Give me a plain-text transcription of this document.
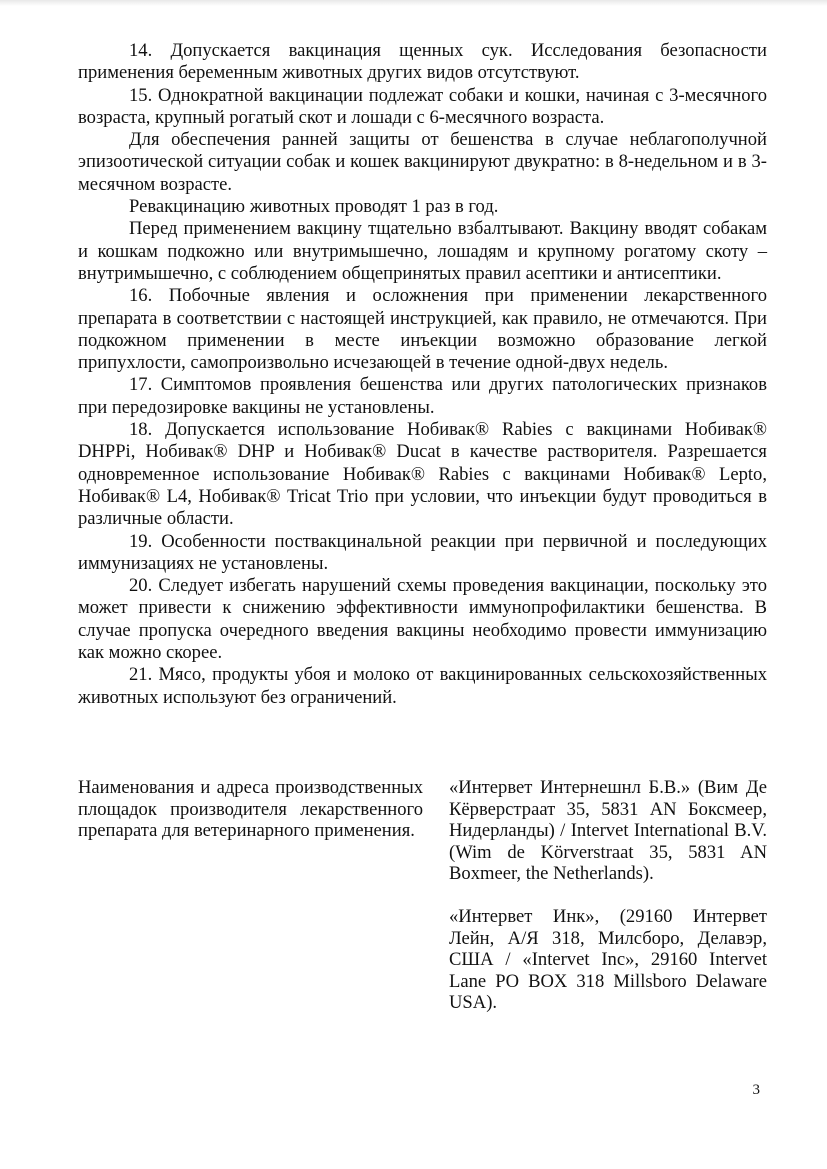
14. Допускается вакцинация щенных сук. Исследования безопасности применения беременным животных других видов отсутствуют.

15. Однократной вакцинации подлежат собаки и кошки, начиная с 3-месячного возраста, крупный рогатый скот и лошади с 6-месячного возраста.

Для обеспечения ранней защиты от бешенства в случае неблагополучной эпизоотической ситуации собак и кошек вакцинируют двукратно: в 8-недельном и в 3-месячном возрасте.

Ревакцинацию животных проводят 1 раз в год.

Перед применением вакцину тщательно взбалтывают. Вакцину вводят собакам и кошкам подкожно или внутримышечно, лошадям и крупному рогатому скоту – внутримышечно, с соблюдением общепринятых правил асептики и антисептики.

16. Побочные явления и осложнения при применении лекарственного препарата в соответствии с настоящей инструкцией, как правило, не отмечаются. При подкожном применении в месте инъекции возможно образование легкой припухлости, самопроизвольно исчезающей в течение одной-двух недель.

17. Симптомов проявления бешенства или других патологических признаков при передозировке вакцины не установлены.

18. Допускается использование Нобивак® Rabies с вакцинами Нобивак® DHPPi, Нобивак® DHP и Нобивак® Ducat в качестве растворителя. Разрешается одновременное использование Нобивак® Rabies с вакцинами Нобивак® Lepto, Нобивак® L4, Нобивак® Tricat Trio при условии, что инъекции будут проводиться в различные области.

19. Особенности поствакцинальной реакции при первичной и последующих иммунизациях не установлены.

20. Следует избегать нарушений схемы проведения вакцинации, поскольку это может привести к снижению эффективности иммунопрофилактики бешенства. В случае пропуска очередного введения вакцины необходимо провести иммунизацию как можно скорее.

21. Мясо, продукты убоя и молоко от вакцинированных сельскохозяйственных животных используют без ограничений.

Наименования и адреса производственных площадок производителя лекарственного препарата для ветеринарного применения.

«Интервет Интернешнл Б.В.» (Вим Де Кёрверстраат 35, 5831 AN Боксмеер, Нидерланды) / Intervet International B.V. (Wim de Körverstraat 35, 5831 AN Boxmeer, the Netherlands).

«Интервет Инк», (29160 Интервет Лейн, А/Я 318, Милсборо, Делавэр, США / «Intervet Inc», 29160 Intervet Lane PO BOX 318 Millsboro Delaware USA).

3
